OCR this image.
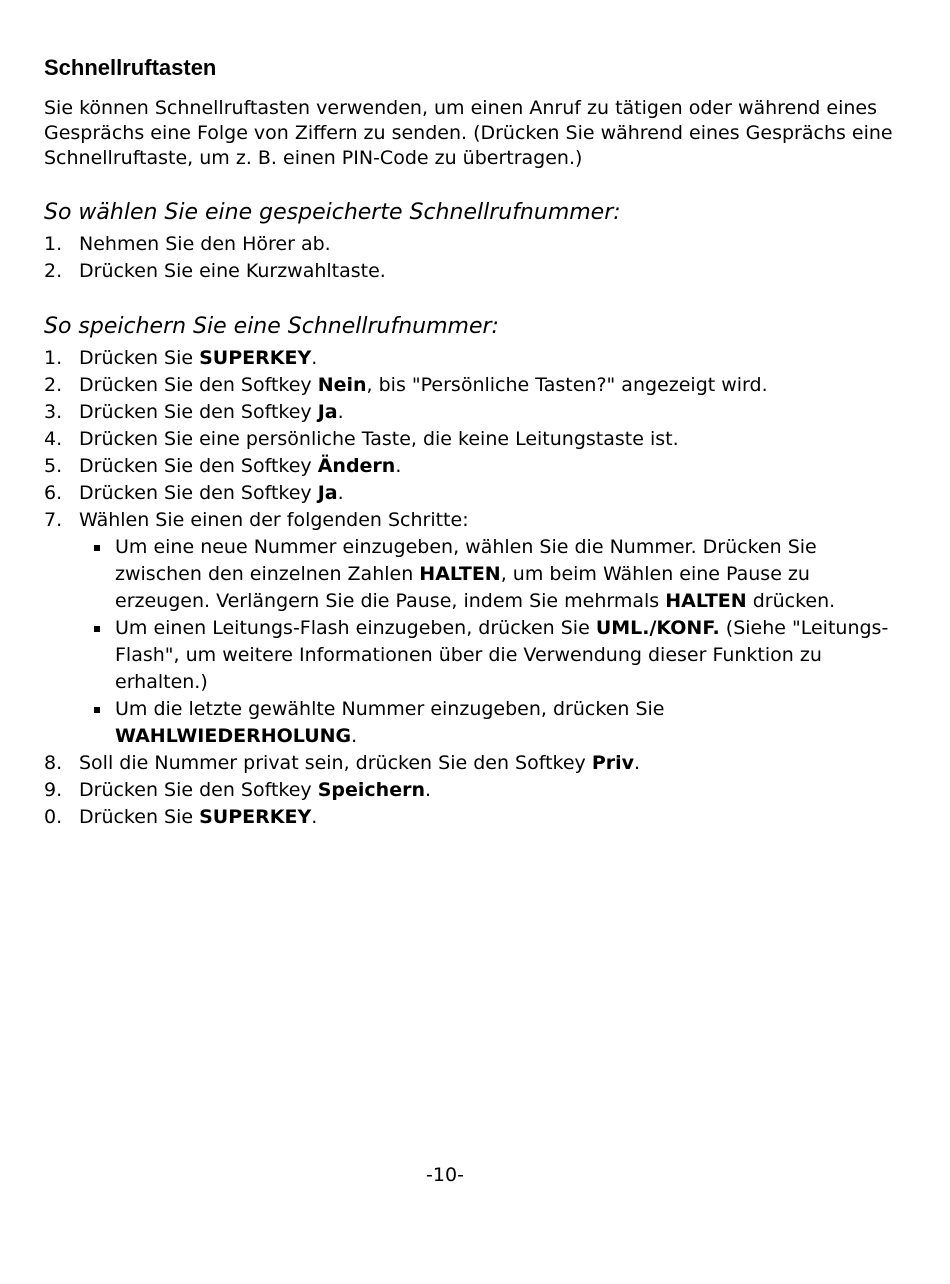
Schnellruftasten

Sie können Schnellruftasten verwenden, um einen Anruf zu tätigen oder während eines Gesprächs eine Folge von Ziffern zu senden. (Drücken Sie während eines Gesprächs eine Schnellruftaste, um z. B. einen PIN-Code zu übertragen.)

So wählen Sie eine gespeicherte Schnellrufnummer:
1. Nehmen Sie den Hörer ab.
2. Drücken Sie eine Kurzwahltaste.
So speichern Sie eine Schnellrufnummer:
1. Drücken Sie SUPERKEY.
2. Drücken Sie den Softkey Nein, bis "Persönliche Tasten?" angezeigt wird.
3. Drücken Sie den Softkey Ja.
4. Drücken Sie eine persönliche Taste, die keine Leitungstaste ist.
5. Drücken Sie den Softkey Ändern.
6. Drücken Sie den Softkey Ja.
7. Wählen Sie einen der folgenden Schritte:
Um eine neue Nummer einzugeben, wählen Sie die Nummer. Drücken Sie zwischen den einzelnen Zahlen HALTEN, um beim Wählen eine Pause zu erzeugen. Verlängern Sie die Pause, indem Sie mehrmals HALTEN drücken.
Um einen Leitungs-Flash einzugeben, drücken Sie UML./KONF. (Siehe "Leitungs-Flash", um weitere Informationen über die Verwendung dieser Funktion zu erhalten.)
Um die letzte gewählte Nummer einzugeben, drücken Sie WAHLWIEDERHOLUNG.
8. Soll die Nummer privat sein, drücken Sie den Softkey Priv.
9. Drücken Sie den Softkey Speichern.
0. Drücken Sie SUPERKEY.
-10-
